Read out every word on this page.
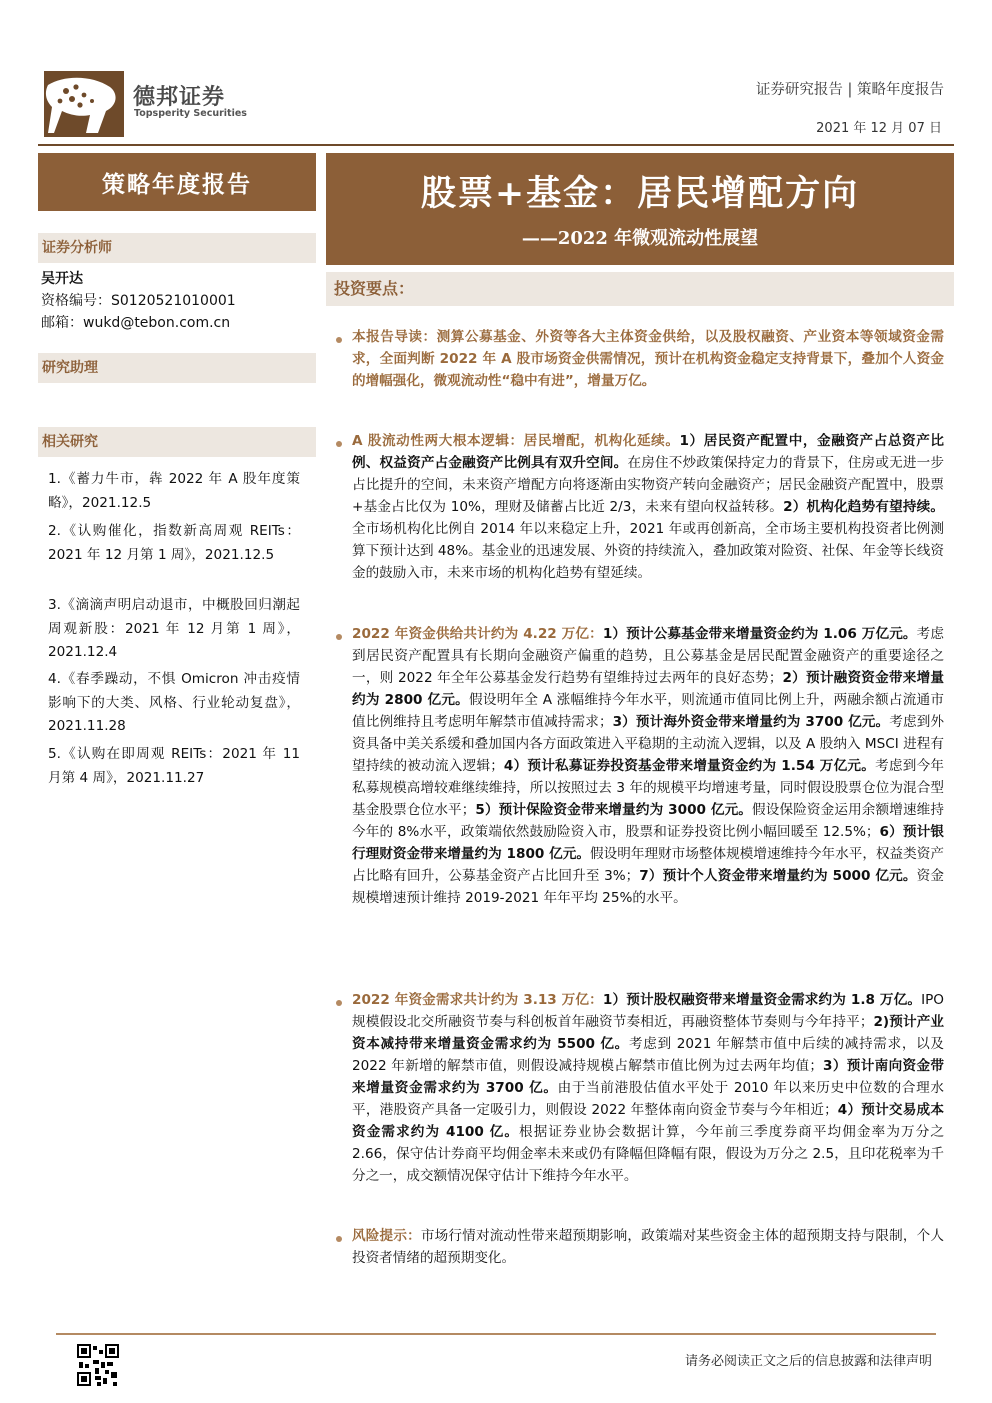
德邦证券
Topsperity Securities
证券研究报告 | 策略年度报告
2021 年 12 月 07 日
策略年度报告
证券分析师
吴开达
资格编号：S0120521010001
邮箱：wukd@tebon.com.cn
研究助理
相关研究
1.《蓄力牛市，犇 2022 年 A 股年度策略》，2021.12.5
2.《认购催化，指数新高周观 REITs：2021 年 12 月第 1 周》，2021.12.5
3.《滴滴声明启动退市，中概股回归潮起周观新股：2021 年 12 月第 1 周》，2021.12.4
4.《春季躁动，不惧 Omicron 冲击疫情影响下的大类、风格、行业轮动复盘》，2021.11.28
5.《认购在即周观 REITs：2021 年 11 月第 4 周》，2021.11.27
股票+基金：居民增配方向
——2022 年微观流动性展望
投资要点：
本报告导读：测算公募基金、外资等各大主体资金供给，以及股权融资、产业资本等领域资金需求，全面判断 2022 年 A 股市场资金供需情况，预计在机构资金稳定支持背景下，叠加个人资金的增幅强化，微观流动性“稳中有进”，增量万亿。
A 股流动性两大根本逻辑：居民增配，机构化延续。1）居民资产配置中，金融资产占总资产比例、权益资产占金融资产比例具有双升空间。在房住不炒政策保持定力的背景下，住房或无进一步占比提升的空间，未来资产增配方向将逐渐由实物资产转向金融资产；居民金融资产配置中，股票+基金占比仅为 10%，理财及储蓄占比近 2/3，未来有望向权益转移。2）机构化趋势有望持续。全市场机构化比例自 2014 年以来稳定上升，2021 年或再创新高，全市场主要机构投资者比例测算下预计达到 48%。基金业的迅速发展、外资的持续流入，叠加政策对险资、社保、年金等长线资金的鼓励入市，未来市场的机构化趋势有望延续。
2022 年资金供给共计约为 4.22 万亿：1）预计公募基金带来增量资金约为 1.06 万亿元。考虑到居民资产配置具有长期向金融资产偏重的趋势，且公募基金是居民配置金融资产的重要途径之一，则 2022 年全年公募基金发行趋势有望维持过去两年的良好态势；2）预计融资资金带来增量约为 2800 亿元。假设明年全 A 涨幅维持今年水平，则流通市值同比例上升，两融余额占流通市值比例维持且考虑明年解禁市值减持需求；3）预计海外资金带来增量约为 3700 亿元。考虑到外资具备中美关系缓和叠加国内各方面政策进入平稳期的主动流入逻辑，以及 A 股纳入 MSCI 进程有望持续的被动流入逻辑；4）预计私募证券投资基金带来增量资金约为 1.54 万亿元。考虑到今年私募规模高增较难继续维持，所以按照过去 3 年的规模平均增速考量，同时假设股票仓位为混合型基金股票仓位水平；5）预计保险资金带来增量约为 3000 亿元。假设保险资金运用余额增速维持今年的 8%水平，政策端依然鼓励险资入市，股票和证券投资比例小幅回暖至 12.5%；6）预计银行理财资金带来增量约为 1800 亿元。假设明年理财市场整体规模增速维持今年水平，权益类资产占比略有回升，公募基金资产占比回升至 3%；7）预计个人资金带来增量约为 5000 亿元。资金规模增速预计维持 2019-2021 年年平均 25%的水平。
2022 年资金需求共计约为 3.13 万亿：1）预计股权融资带来增量资金需求约为 1.8 万亿。IPO 规模假设北交所融资节奏与科创板首年融资节奏相近，再融资整体节奏则与今年持平；2)预计产业资本减持带来增量资金需求约为 5500 亿。考虑到 2021 年解禁市值中后续的减持需求，以及 2022 年新增的解禁市值，则假设减持规模占解禁市值比例为过去两年均值；3）预计南向资金带来增量资金需求约为 3700 亿。由于当前港股估值水平处于 2010 年以来历史中位数的合理水平，港股资产具备一定吸引力，则假设 2022 年整体南向资金节奏与今年相近；4）预计交易成本资金需求约为 4100 亿。根据证券业协会数据计算，今年前三季度券商平均佣金率为万分之 2.66，保守估计券商平均佣金率未来或仍有降幅但降幅有限，假设为万分之 2.5，且印花税率为千分之一，成交额情况保守估计下维持今年水平。
风险提示：市场行情对流动性带来超预期影响，政策端对某些资金主体的超预期支持与限制，个人投资者情绪的超预期变化。
请务必阅读正文之后的信息披露和法律声明
